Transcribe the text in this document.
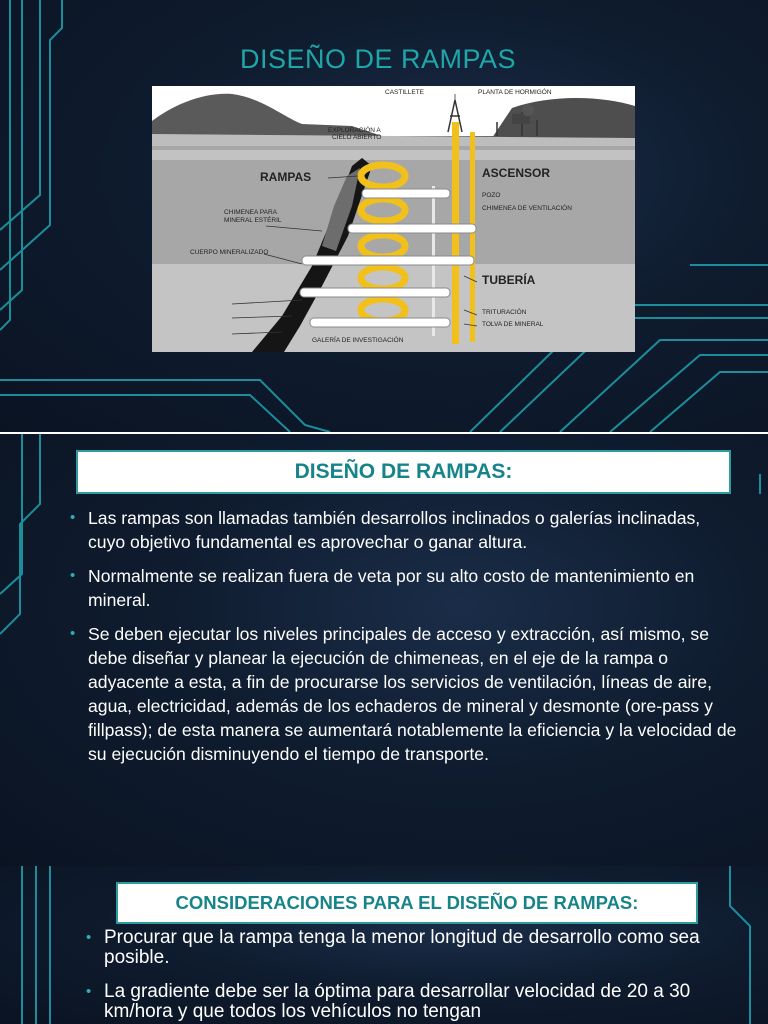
DISEÑO DE RAMPAS
CASTILLETE	PLANTA DE HORMIGÓN
EXPLORACIÓN A
CIELO ABIERTO
RAMPAS	ASCENSOR
POZO
CHIMENEA DE VENTILACIÓN
CHIMENEA PARA
MINERAL ESTÉRIL
CUERPO MINERALIZADO
TUBERÍA
TRITURACIÓN
TOLVA DE MINERAL
GALERÍA DE INVESTIGACIÓN
DISEÑO DE RAMPAS:
• Las rampas son llamadas también desarrollos inclinados o galerías inclinadas, cuyo objetivo fundamental es aprovechar o ganar altura.
• Normalmente se realizan fuera de veta por su alto costo de mantenimiento en mineral.
• Se deben ejecutar los niveles principales de acceso y extracción, así mismo, se debe diseñar y planear la ejecución de chimeneas, en el eje de la rampa o adyacente a esta, a fin de procurarse los servicios de ventilación, líneas de aire, agua, electricidad, además de los echaderos de mineral y desmonte (ore-pass y fillpass); de esta manera se aumentará notablemente la eficiencia y la velocidad de su ejecución disminuyendo el tiempo de transporte.
CONSIDERACIONES PARA EL DISEÑO DE RAMPAS:
• Procurar que la rampa tenga la menor longitud de desarrollo como sea posible.
• La gradiente debe ser la óptima para desarrollar velocidad de 20 a 30 km/hora y que todos los vehículos no tengan
